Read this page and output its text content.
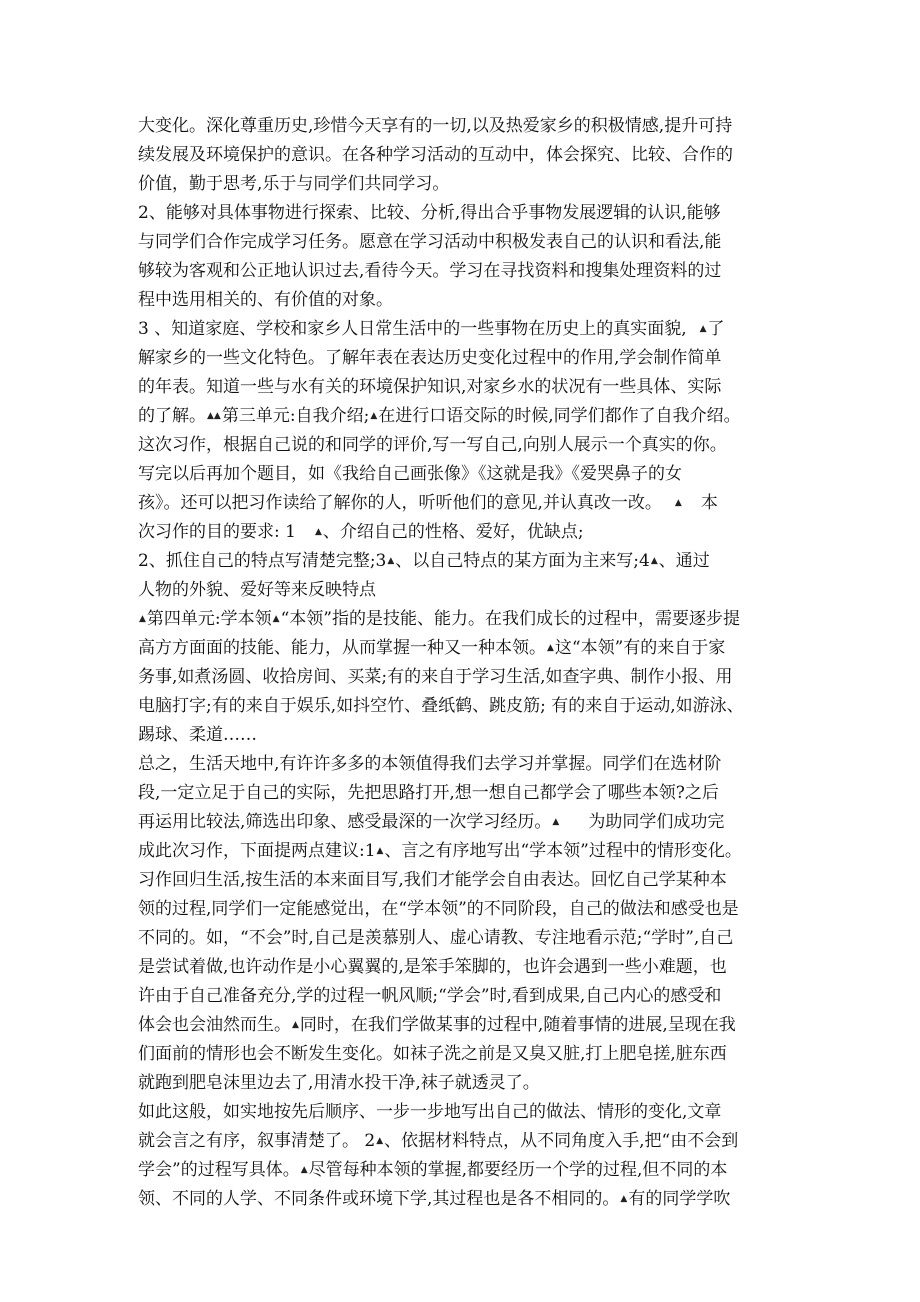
大变化。深化尊重历史,珍惜今天享有的一切,以及热爱家乡的积极情感,提升可持
续发展及环境保护的意识。在各种学习活动的互动中，体会探究、比较、合作的
价值，勤于思考,乐于与同学们共同学习。
2、能够对具体事物进行探索、比较、分析,得出合乎事物发展逻辑的认识,能够
与同学们合作完成学习任务。愿意在学习活动中积极发表自己的认识和看法,能
够较为客观和公正地认识过去,看待今天。学习在寻找资料和搜集处理资料的过
程中选用相关的、有价值的对象。
3 、知道家庭、学校和家乡人日常生活中的一些事物在历史上的真实面貌, ▲了
解家乡的一些文化特色。了解年表在表达历史变化过程中的作用,学会制作简单
的年表。知道一些与水有关的环境保护知识,对家乡水的状况有一些具体、实际
的了解。▲▲第三单元:自我介绍;▲在进行口语交际的时候,同学们都作了自我介绍。
这次习作，根据自己说的和同学的评价,写一写自己,向别人展示一个真实的你。
写完以后再加个题目，如《我给自己画张像》《这就是我》《爱哭鼻子的女
孩》。还可以把习作读给了解你的人，听听他们的意见,并认真改一改。 ▲ 本
次习作的目的要求: 1 ▲、介绍自己的性格、爱好，优缺点;
2、抓住自己的特点写清楚完整;3▲、以自己特点的某方面为主来写;4▲、通过
人物的外貌、爱好等来反映特点
▲第四单元:学本领▲“本领”指的是技能、能力。在我们成长的过程中，需要逐步提
高方方面面的技能、能力，从而掌握一种又一种本领。▲这“本领”有的来自于家
务事,如煮汤圆、收拾房间、买菜;有的来自于学习生活,如查字典、制作小报、用
电脑打字;有的来自于娱乐,如抖空竹、叠纸鹤、跳皮筋; 有的来自于运动,如游泳、
踢球、柔道……
总之，生活天地中,有许许多多的本领值得我们去学习并掌握。同学们在选材阶
段,一定立足于自己的实际，先把思路打开,想一想自己都学会了哪些本领?之后
再运用比较法,筛选出印象、感受最深的一次学习经历。▲ 为助同学们成功完
成此次习作，下面提两点建议:1▲、言之有序地写出“学本领”过程中的情形变化。
习作回归生活,按生活的本来面目写,我们才能学会自由表达。回忆自己学某种本
领的过程,同学们一定能感觉出，在“学本领”的不同阶段，自己的做法和感受也是
不同的。如，“不会”时,自己是羡慕别人、虚心请教、专注地看示范;“学时”,自己
是尝试着做,也许动作是小心翼翼的,是笨手笨脚的，也许会遇到一些小难题，也
许由于自己准备充分,学的过程一帆风顺;“学会”时,看到成果,自己内心的感受和
体会也会油然而生。▲同时，在我们学做某事的过程中,随着事情的进展,呈现在我
们面前的情形也会不断发生变化。如袜子洗之前是又臭又脏,打上肥皂搓,脏东西
就跑到肥皂沫里边去了,用清水投干净,袜子就透灵了。
如此这般，如实地按先后顺序、一步一步地写出自己的做法、情形的变化,文章
就会言之有序，叙事清楚了。 2▲、依据材料特点，从不同角度入手,把“由不会到
学会”的过程写具体。▲尽管每种本领的掌握,都要经历一个学的过程,但不同的本
领、不同的人学、不同条件或环境下学,其过程也是各不相同的。▲有的同学学吹
